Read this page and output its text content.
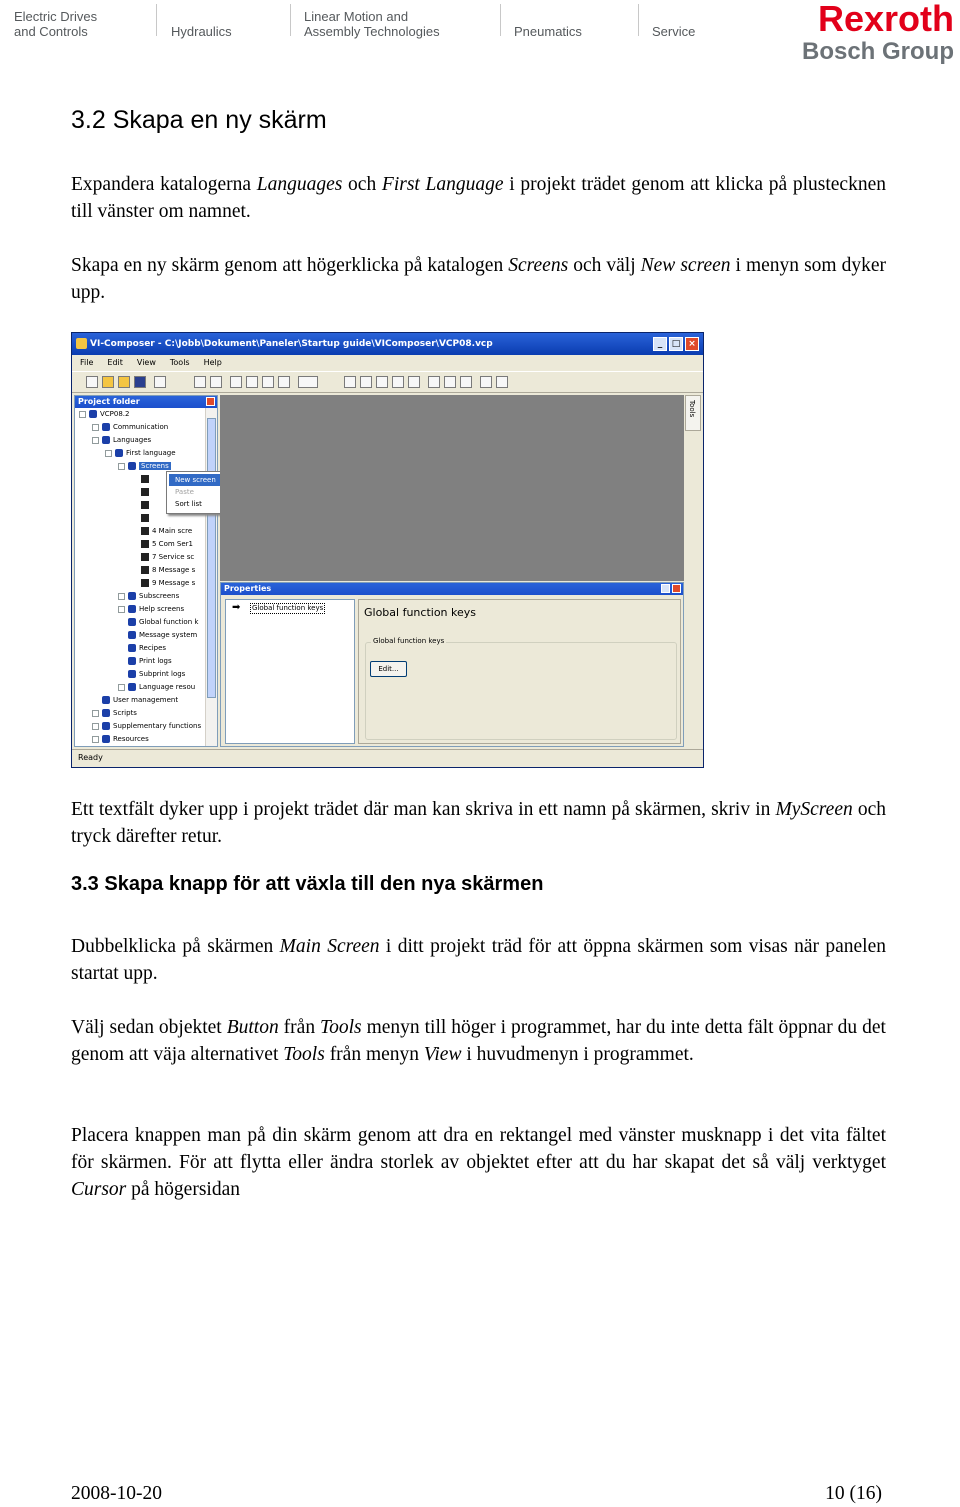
Electric Drives
and Controls	Hydraulics
Linear Motion and
Assembly Technologies	Pneumatics	Service	Rexroth
Bosch Group
3.2 Skapa en ny skärm

Expandera katalogerna Languages och First Language i projekt trädet genom att klicka på plustecknen till vänster om namnet.

Skapa en ny skärm genom att högerklicka på katalogen Screens och välj New screen i menyn som dyker upp.

VI-Composer - C:\Jobb\Dokument\Paneler\Startup guide\VIComposer\VCP08.vcp	_	□ ×
File	Edit	View	Tools	Help
Project folder
VCP08.2
Communication
Languages
First language
Screens
4 Main scre
5 Com Ser1
7 Service sc
8 Message s
9 Message s
Subscreens
Help screens
Global function k
Message system
Recipes
Print logs
Subprint logs
Language resou
User management
Scripts
Supplementary functions
Resources
New screen
Paste
Sort list
Tools
Properties
➡ Global function keys	Global function keys
Global function keys
Edit...
Ready

Ett textfält dyker upp i projekt trädet där man kan skriva in ett namn på skärmen, skriv in MyScreen och tryck därefter retur.

3.3 Skapa knapp för att växla till den nya skärmen

Dubbelklicka på skärmen Main Screen i ditt projekt träd för att öppna skärmen som visas när panelen startat upp.

Välj sedan objektet Button från Tools menyn till höger i programmet, har du inte detta fält öppnar du det genom att väja alternativet Tools från menyn View i huvudmenyn i programmet.

Placera knappen man på din skärm genom att dra en rektangel med vänster musknapp i det vita fältet för skärmen. För att flytta eller ändra storlek av objektet efter att du har skapat det så välj verktyget Cursor på högersidan

2008-10-20	10 (16)
